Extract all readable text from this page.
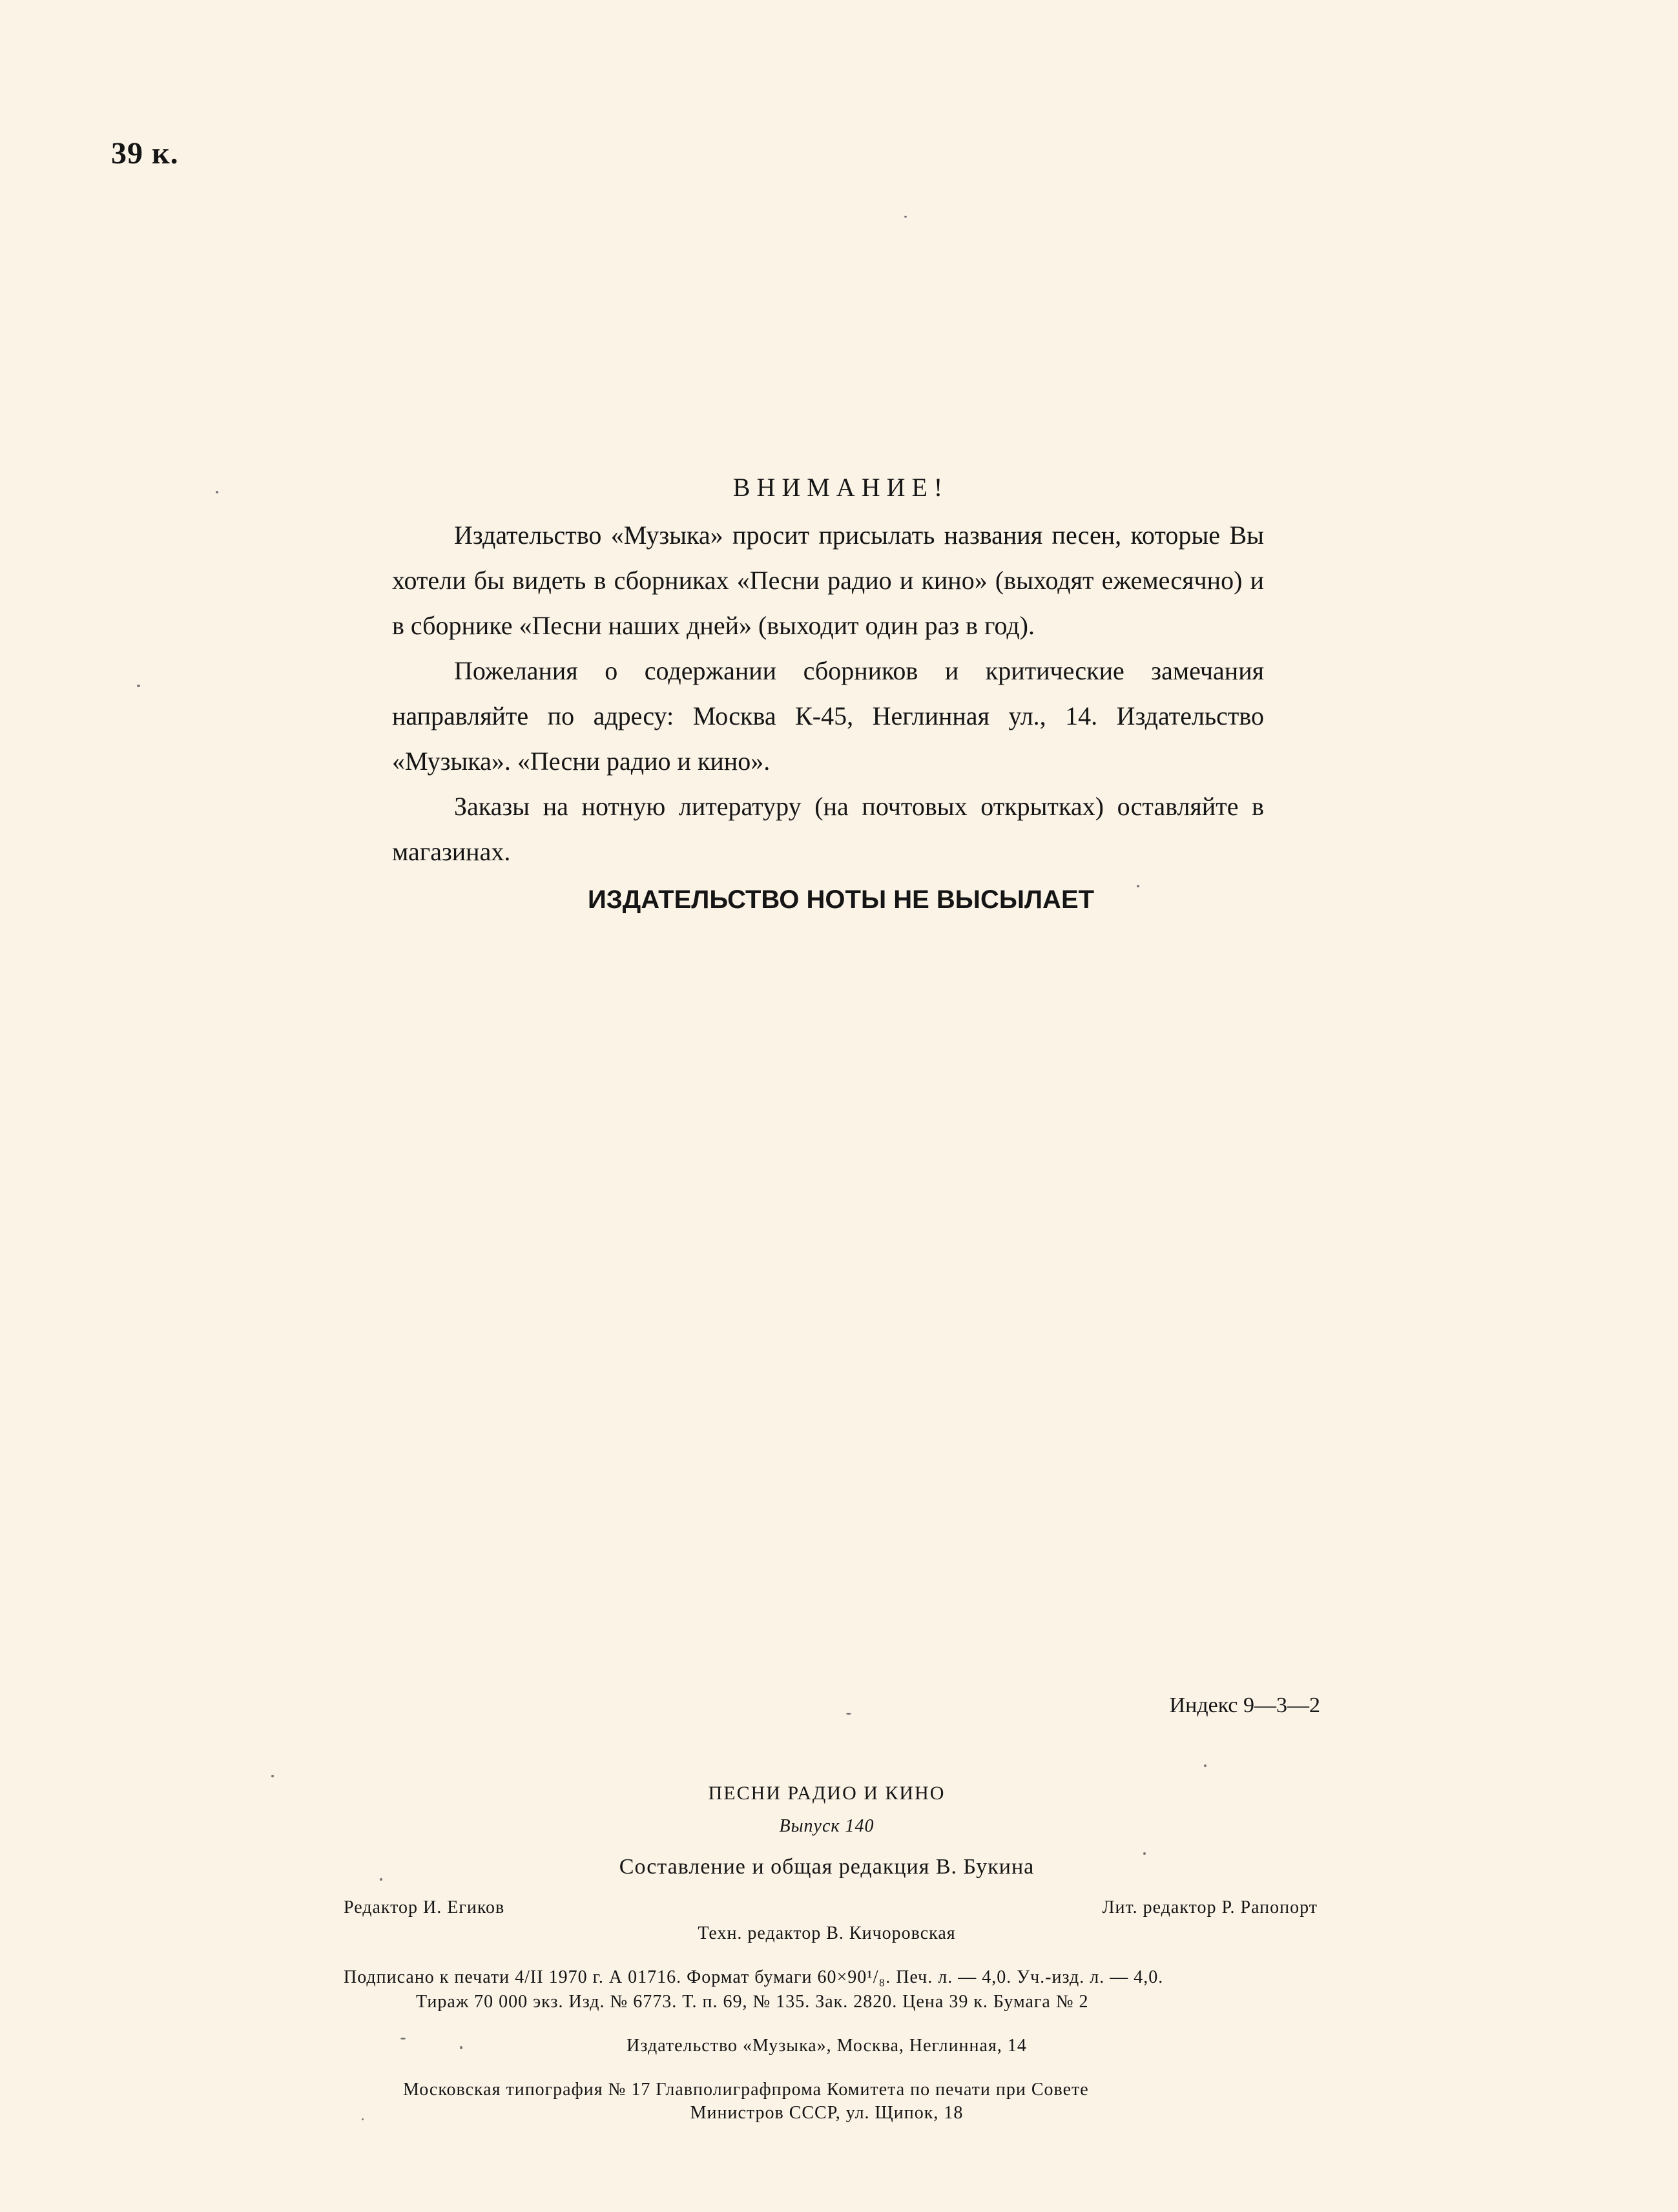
39 к.
ВНИМАНИЕ!

Издательство «Музыка» просит присылать названия песен, которые Вы хотели бы видеть в сборниках «Песни радио и кино» (выходят ежемесячно) и в сборнике «Песни наших дней» (выходит один раз в год).

Пожелания о содержании сборников и критические замечания направляйте по адресу: Москва К-45, Неглинная ул., 14. Издательство «Музыка». «Песни радио и кино».

Заказы на нотную литературу (на почтовых открытках) оставляйте в магазинах.

ИЗДАТЕЛЬСТВО НОТЫ НЕ ВЫСЫЛАЕТ
Индекс 9—3—2
ПЕСНИ РАДИО И КИНО
Выпуск 140
Составление и общая редакция В. Букина
Редактор И. Егиков	Лит. редактор Р. Рапопорт
Техн. редактор В. Кичоровская
Подписано к печати 4/II 1970 г. А 01716. Формат бумаги 60×90¹/₈. Печ. л. — 4,0. Уч.-изд. л. — 4,0.
Тираж 70 000 экз. Изд. № 6773. Т. п. 69, № 135. Зак. 2820. Цена 39 к. Бумага № 2
Издательство «Музыка», Москва, Неглинная, 14
Московская типография № 17 Главполиграфпрома Комитета по печати при Совете
Министров СССР, ул. Щипок, 18
